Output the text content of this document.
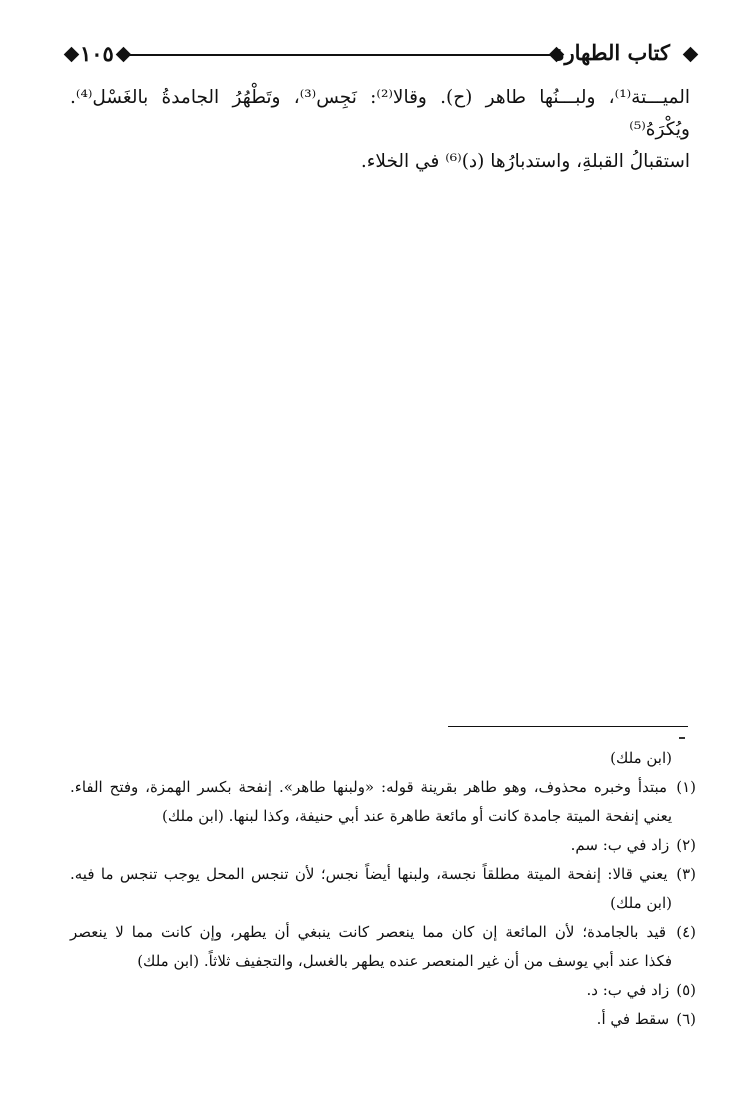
١٠٥	كتاب الطهارة

الميـــتة⁽¹⁾، ولبـــنُها طاهر (ح). وقالا⁽²⁾: نَجِس⁽³⁾، وتَطْهُرُ الجامدةُ بالغَسْل⁽⁴⁾. ويُكْرَهُ⁽⁵⁾
استقبالُ القبلةِ، واستدبارُها (د)⁽⁶⁾ في الخلاء.

(ابن ملك)

(١) مبتدأ وخبره محذوف، وهو طاهر بقرينة قوله: «ولبنها طاهر». إنفحة بكسر الهمزة، وفتح الفاء.
يعني إنفحة الميتة جامدة كانت أو مائعة طاهرة عند أبي حنيفة، وكذا لبنها. (ابن ملك)

(٢) زاد في ب: سم.

(٣) يعني قالا: إنفحة الميتة مطلقاً نجسة، ولبنها أيضاً نجس؛ لأن تنجس المحل يوجب تنجس ما فيه.
(ابن ملك)

(٤) قيد بالجامدة؛ لأن المائعة إن كان مما ينعصر كانت ينبغي أن يطهر، وإن كانت مما لا ينعصر
فكذا عند أبي يوسف من أن غير المنعصر عنده يطهر بالغسل، والتجفيف ثلاثاً. (ابن ملك)

(٥) زاد في ب: د.

(٦) سقط في أ.
